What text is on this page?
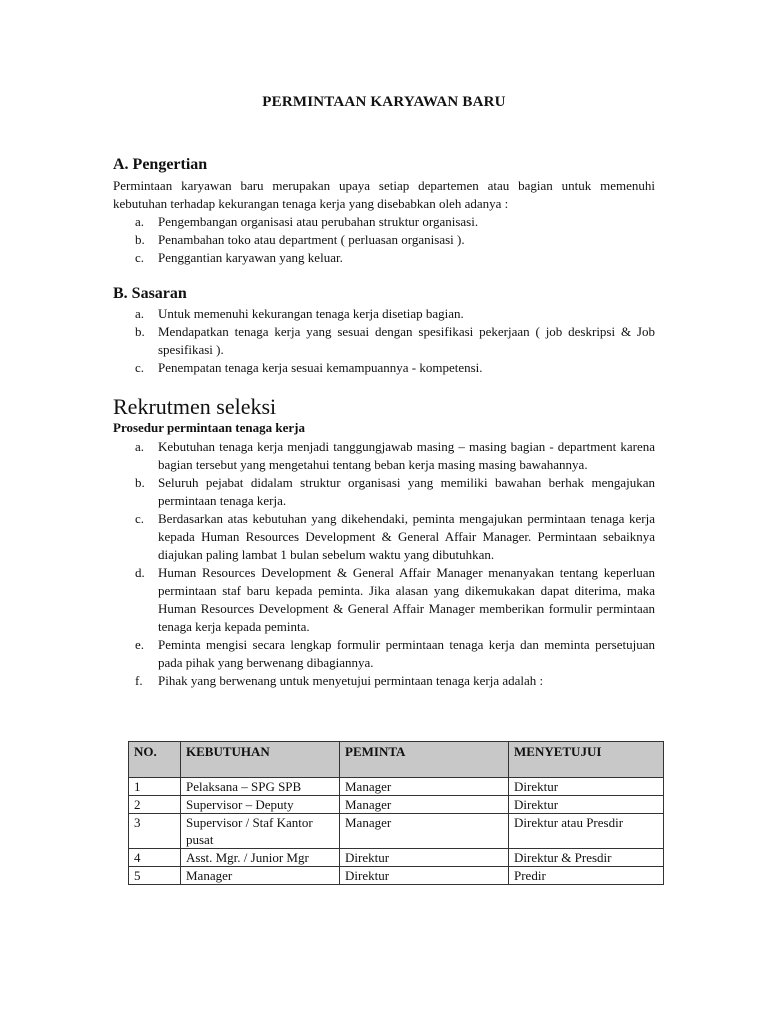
PERMINTAAN KARYAWAN BARU
A. Pengertian
Permintaan karyawan baru merupakan upaya setiap departemen atau bagian untuk memenuhi kebutuhan terhadap kekurangan tenaga kerja yang disebabkan oleh adanya :
a. Pengembangan organisasi atau perubahan struktur organisasi.
b. Penambahan toko atau department ( perluasan organisasi ).
c. Penggantian karyawan yang keluar.
B. Sasaran
a. Untuk memenuhi kekurangan tenaga kerja disetiap bagian.
b. Mendapatkan tenaga kerja yang sesuai dengan spesifikasi pekerjaan ( job deskripsi & Job spesifikasi ).
c. Penempatan tenaga kerja sesuai kemampuannya - kompetensi.
Rekrutmen seleksi
Prosedur permintaan tenaga kerja
a. Kebutuhan tenaga kerja menjadi tanggungjawab masing – masing bagian - department karena bagian tersebut yang mengetahui tentang beban kerja masing masing bawahannya.
b. Seluruh pejabat didalam struktur organisasi yang memiliki bawahan berhak mengajukan permintaan tenaga kerja.
c. Berdasarkan atas kebutuhan yang dikehendaki, peminta mengajukan permintaan tenaga kerja kepada Human Resources Development & General Affair Manager. Permintaan sebaiknya diajukan paling lambat 1 bulan sebelum waktu yang dibutuhkan.
d. Human Resources Development & General Affair Manager menanyakan tentang keperluan permintaan staf baru kepada peminta. Jika alasan yang dikemukakan dapat diterima, maka Human Resources Development & General Affair Manager memberikan formulir permintaan tenaga kerja kepada peminta.
e. Peminta mengisi secara lengkap formulir permintaan tenaga kerja dan meminta persetujuan pada pihak yang berwenang dibagiannya.
f. Pihak yang berwenang untuk menyetujui permintaan tenaga kerja adalah :
NO.	KEBUTUHAN	PEMINTA	MENYETUJUI
1	Pelaksana – SPG SPB	Manager	Direktur
2	Supervisor – Deputy	Manager	Direktur
3	Supervisor / Staf Kantor pusat	Manager	Direktur atau Presdir
4	Asst. Mgr. / Junior Mgr	Direktur	Direktur & Presdir
5	Manager	Direktur	Predir
